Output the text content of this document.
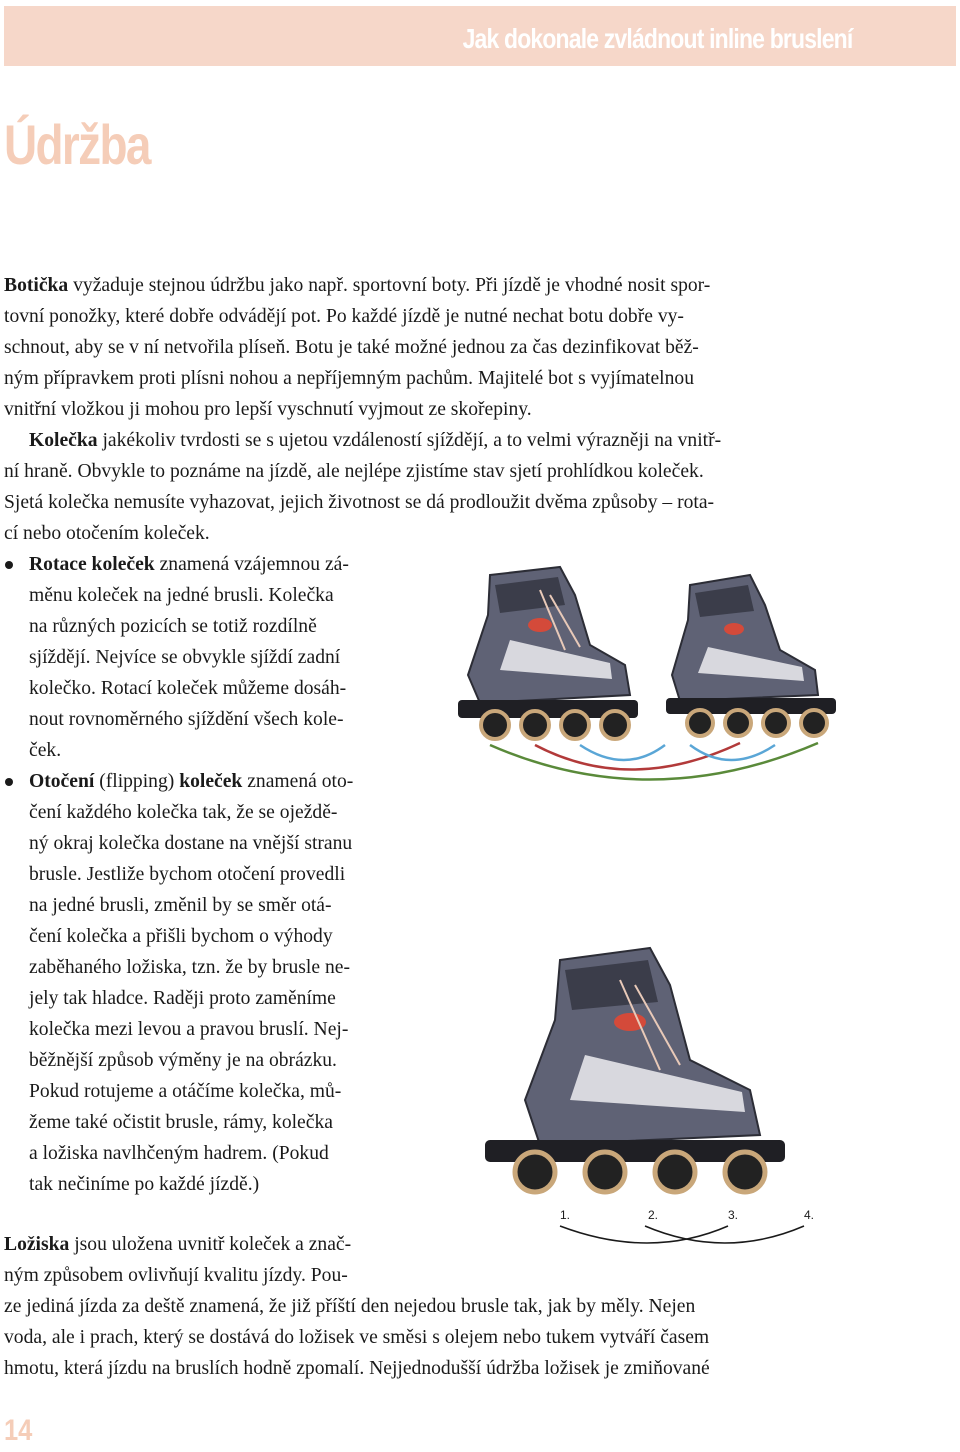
Jak dokonale zvládnout inline bruslení
Údržba
Botička vyžaduje stejnou údržbu jako např. sportovní boty. Při jízdě je vhodné nosit spor-
tovní ponožky, které dobře odvádějí pot. Po každé jízdě je nutné nechat botu dobře vy-
schnout, aby se v ní netvořila plíseň. Botu je také možné jednou za čas dezinfikovat běž-
ným přípravkem proti plísni nohou a nepříjemným pachům. Majitelé bot s vyjímatelnou
vnitřní vložkou ji mohou pro lepší vyschnutí vyjmout ze skořepiny.
Kolečka jakékoliv tvrdosti se s ujetou vzdáleností sjíždějí, a to velmi výrazněji na vnitř-
ní hraně. Obvykle to poznáme na jízdě, ale nejlépe zjistíme stav sjetí prohlídkou koleček.
Sjetá kolečka nemusíte vyhazovat, jejich životnost se dá prodloužit dvěma způsoby – rota-
cí nebo otočením koleček.
Rotace koleček znamená vzájemnou zá-
měnu koleček na jedné brusli. Kolečka
na různých pozicích se totiž rozdílně
sjíždějí. Nejvíce se obvykle sjíždí zadní
kolečko. Rotací koleček můžeme dosáh-
nout rovnoměrného sjíždění všech kole-
ček.
Otočení (flipping) koleček znamená oto-
čení každého kolečka tak, že se oježdě-
ný okraj kolečka dostane na vnější stranu
brusle. Jestliže bychom otočení provedli
na jedné brusli, změnil by se směr otá-
čení kolečka a přišli bychom o výhody
zaběhaného ložiska, tzn. že by brusle ne-
jely tak hladce. Raději proto zaměníme
kolečka mezi levou a pravou bruslí. Nej-
běžnější způsob výměny je na obrázku.
Pokud rotujeme a otáčíme kolečka, mů-
žeme také očistit brusle, rámy, kolečka
a ložiska navlhčeným hadrem. (Pokud
tak nečiníme po každé jízdě.)
Ložiska jsou uložena uvnitř koleček a znač-
ným způsobem ovlivňují kvalitu jízdy. Pou-
ze jediná jízda za deště znamená, že již příští den nejedou brusle tak, jak by měly. Nejen
voda, ale i prach, který se dostává do ložisek ve směsi s olejem nebo tukem vytváří časem
hmotu, která jízdu na bruslích hodně zpomalí. Nejjednodušší údržba ložisek je zmiňované
1.	2.	3.	4.
14
